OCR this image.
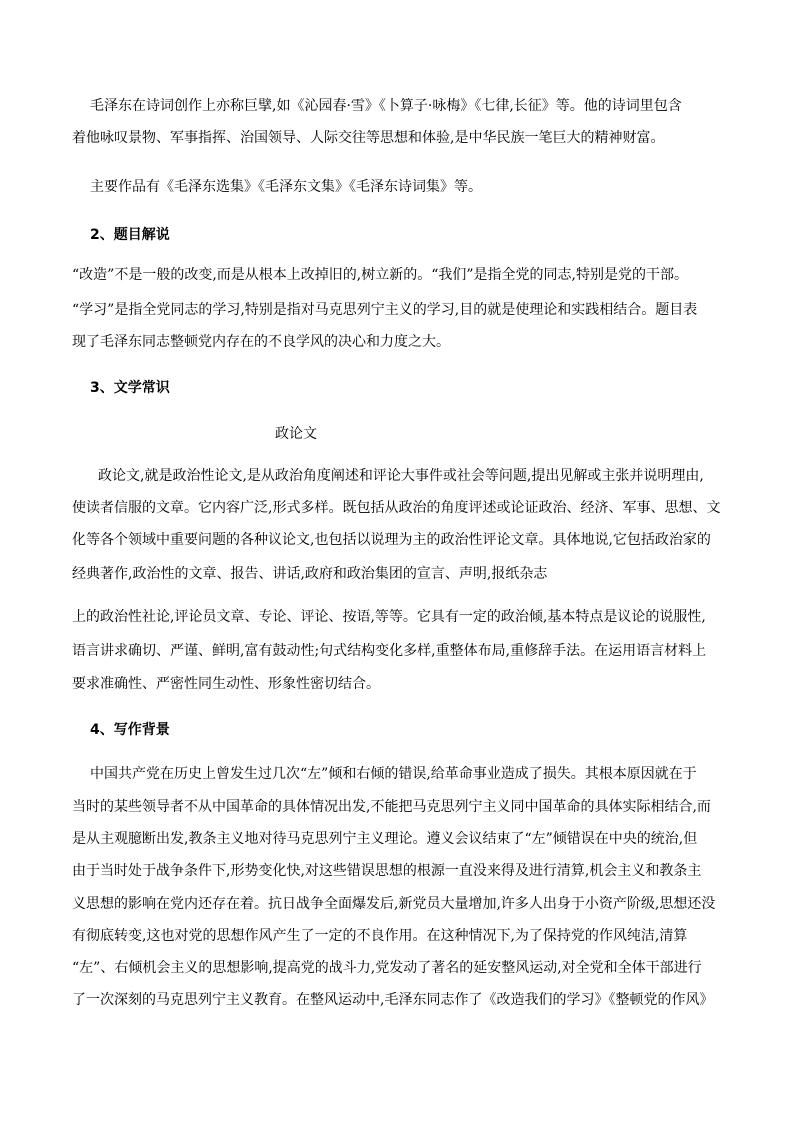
毛泽东在诗词创作上亦称巨擘,如《沁园春·雪》《卜算子·咏梅》《七律,长征》等。他的诗词里包含
着他咏叹景物、军事指挥、治国领导、人际交往等思想和体验,是中华民族一笔巨大的精神财富。
主要作品有《毛泽东选集》《毛泽东文集》《毛泽东诗词集》等。
2、题目解说
“改造”不是一般的改变,而是从根本上改掉旧的,树立新的。“我们”是指全党的同志,特别是党的干部。
“学习”是指全党同志的学习,特别是指对马克思列宁主义的学习,目的就是使理论和实践相结合。题目表
现了毛泽东同志整顿党内存在的不良学风的决心和力度之大。
3、文学常识
政论文
政论文,就是政治性论文,是从政治角度阐述和评论大事件或社会等问题,提出见解或主张并说明理由,
使读者信服的文章。它内容广泛,形式多样。既包括从政治的角度评述或论证政治、经济、军事、思想、文
化等各个领域中重要问题的各种议论文,也包括以说理为主的政治性评论文章。具体地说,它包括政治家的
经典著作,政治性的文章、报告、讲话,政府和政治集团的宣言、声明,报纸杂志
上的政治性社论,评论员文章、专论、评论、按语,等等。它具有一定的政治倾,基本特点是议论的说服性,
语言讲求确切、严谨、鲜明,富有鼓动性;句式结构变化多样,重整体布局,重修辞手法。在运用语言材料上
要求准确性、严密性同生动性、形象性密切结合。
4、写作背景
中国共产党在历史上曾发生过几次“左”倾和右倾的错误,给革命事业造成了损失。其根本原因就在于
当时的某些领导者不从中国革命的具体情况出发,不能把马克思列宁主义同中国革命的具体实际相结合,而
是从主观臆断出发,教条主义地对待马克思列宁主义理论。遵义会议结束了“左”倾错误在中央的统治,但
由于当时处于战争条件下,形势变化快,对这些错误思想的根源一直没来得及进行清算,机会主义和教条主
义思想的影响在党内还存在着。抗日战争全面爆发后,新党员大量增加,许多人出身于小资产阶级,思想还没
有彻底转变,这也对党的思想作风产生了一定的不良作用。在这种情况下,为了保持党的作风纯洁,清算
“左”、右倾机会主义的思想影响,提高党的战斗力,党发动了著名的延安整风运动,对全党和全体干部进行
了一次深刻的马克思列宁主义教育。在整风运动中,毛泽东同志作了《改造我们的学习》《整顿党的作风》
